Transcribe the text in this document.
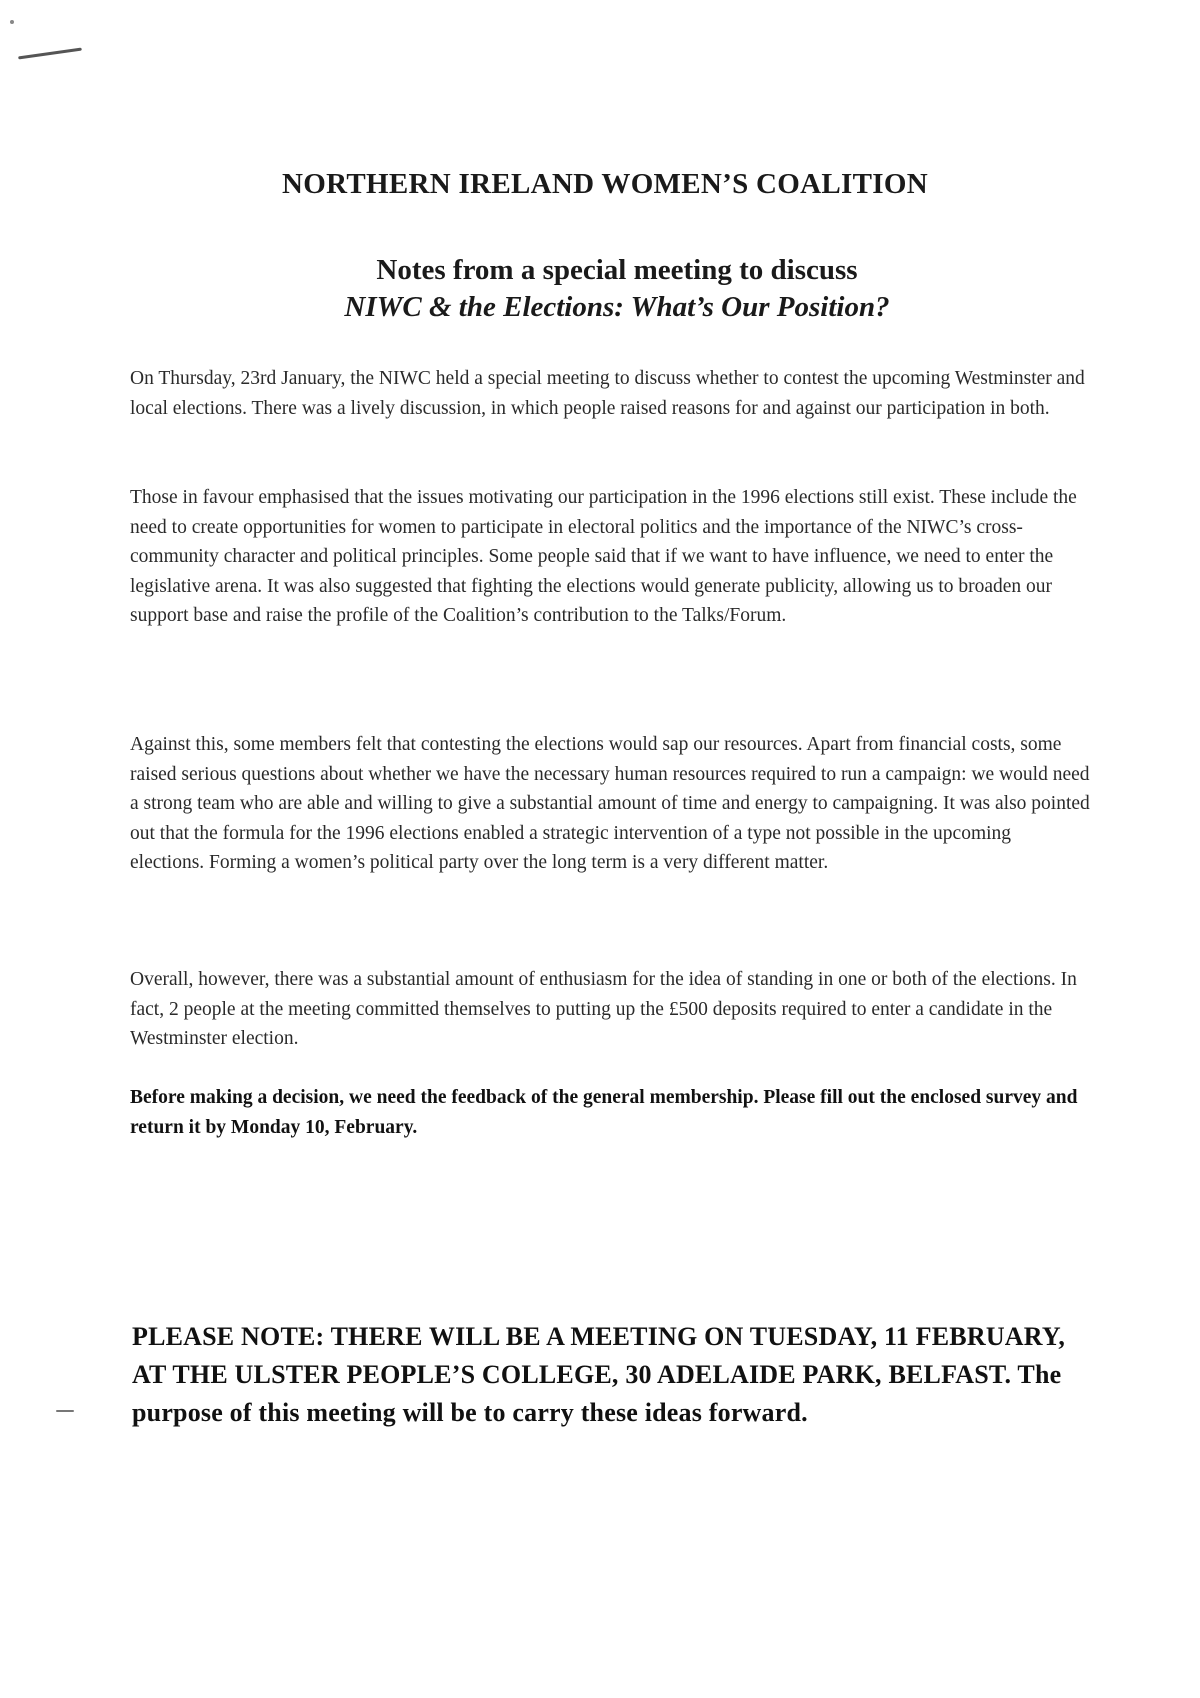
NORTHERN IRELAND WOMEN’S COALITION
Notes from a special meeting to discuss
NIWC & the Elections: What’s Our Position?

On Thursday, 23rd January, the NIWC held a special meeting to discuss whether to contest the upcoming Westminster and local elections. There was a lively discussion, in which people raised reasons for and against our participation in both.

Those in favour emphasised that the issues motivating our participation in the 1996 elections still exist. These include the need to create opportunities for women to participate in electoral politics and the importance of the NIWC’s cross-community character and political principles. Some people said that if we want to have influence, we need to enter the legislative arena. It was also suggested that fighting the elections would generate publicity, allowing us to broaden our support base and raise the profile of the Coalition’s contribution to the Talks/Forum.

Against this, some members felt that contesting the elections would sap our resources. Apart from financial costs, some raised serious questions about whether we have the necessary human resources required to run a campaign: we would need a strong team who are able and willing to give a substantial amount of time and energy to campaigning. It was also pointed out that the formula for the 1996 elections enabled a strategic intervention of a type not possible in the upcoming elections. Forming a women’s political party over the long term is a very different matter.

Overall, however, there was a substantial amount of enthusiasm for the idea of standing in one or both of the elections. In fact, 2 people at the meeting committed themselves to putting up the £500 deposits required to enter a candidate in the Westminster election.

Before making a decision, we need the feedback of the general membership. Please fill out the enclosed survey and return it by Monday 10, February.
PLEASE NOTE: THERE WILL BE A MEETING ON TUESDAY, 11 FEBRUARY, AT THE ULSTER PEOPLE’S COLLEGE, 30 ADELAIDE PARK, BELFAST. The purpose of this meeting will be to carry these ideas forward.
